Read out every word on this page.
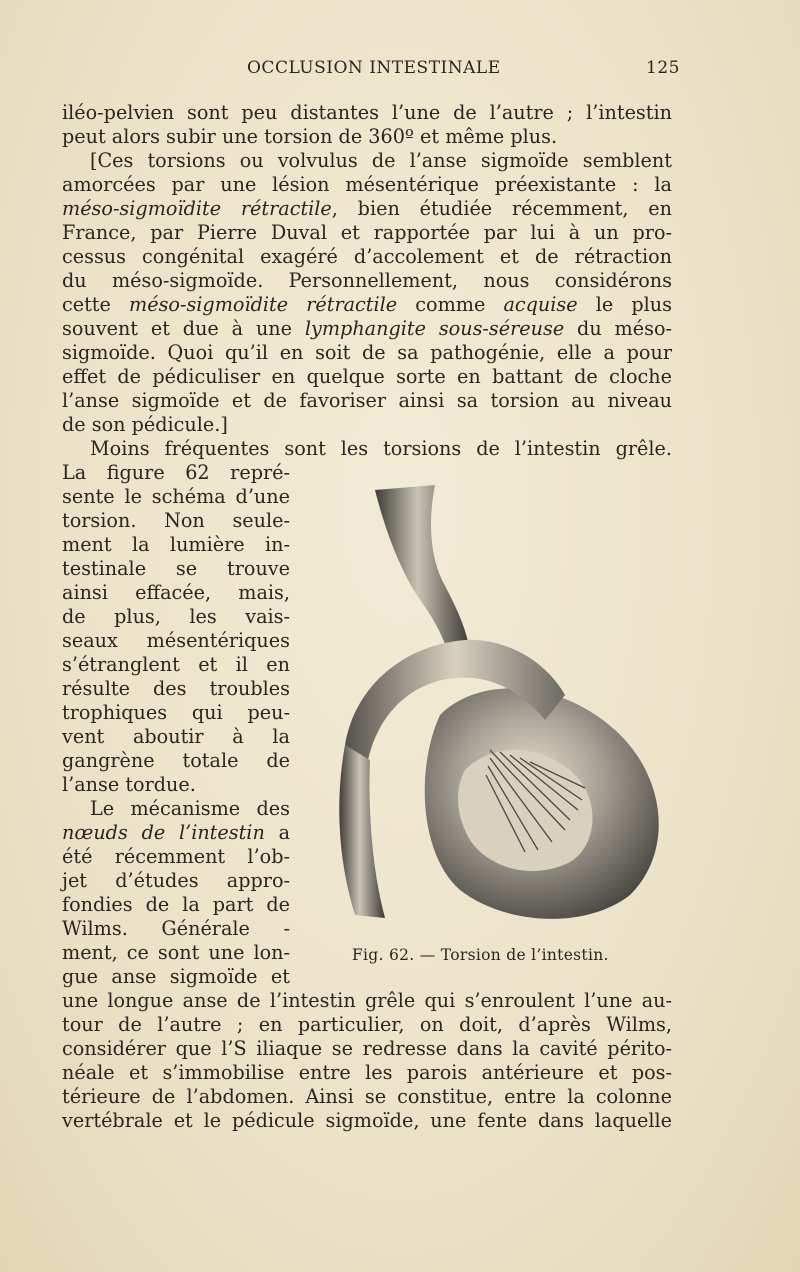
OCCLUSION INTESTINALE	125
iléo-pelvien sont peu distantes l’une de l’autre ; l’intestin
peut alors subir une torsion de 360º et même plus.
[Ces torsions ou volvulus de l’anse sigmoïde semblent
amorcées par une lésion mésentérique préexistante : la
méso-sigmoïdite rétractile, bien étudiée récemment, en
France, par Pierre Duval et rapportée par lui à un pro-
cessus congénital exagéré d’accolement et de rétraction
du méso-sigmoïde. Personnellement, nous considérons
cette méso-sigmoïdite rétractile comme acquise le plus
souvent et due à une lymphangite sous-séreuse du méso-
sigmoïde. Quoi qu’il en soit de sa pathogénie, elle a pour
effet de pédiculiser en quelque sorte en battant de cloche
l’anse sigmoïde et de favoriser ainsi sa torsion au niveau
de son pédicule.]
Moins fréquentes sont les torsions de l’intestin grêle.
La figure 62 repré-
sente le schéma d’une
torsion. Non seule-
ment la lumière in-
testinale se trouve
ainsi effacée, mais,
de plus, les vais-
seaux mésentériques
s’étranglent et il en
résulte des troubles
trophiques qui peu-
vent aboutir à la
gangrène totale de
l’anse tordue.
Le mécanisme des
nœuds de l’intestin a
été récemment l’ob-
jet d’études appro-
fondies de la part de
Wilms. Générale -
ment, ce sont une lon-
gue anse sigmoïde et
une longue anse de l’intestin grêle qui s’enroulent l’une au-
tour de l’autre ; en particulier, on doit, d’après Wilms,
considérer que l’S iliaque se redresse dans la cavité périto-
néale et s’immobilise entre les parois antérieure et pos-
térieure de l’abdomen. Ainsi se constitue, entre la colonne
vertébrale et le pédicule sigmoïde, une fente dans laquelle
Fig. 62. — Torsion de l’intestin.
